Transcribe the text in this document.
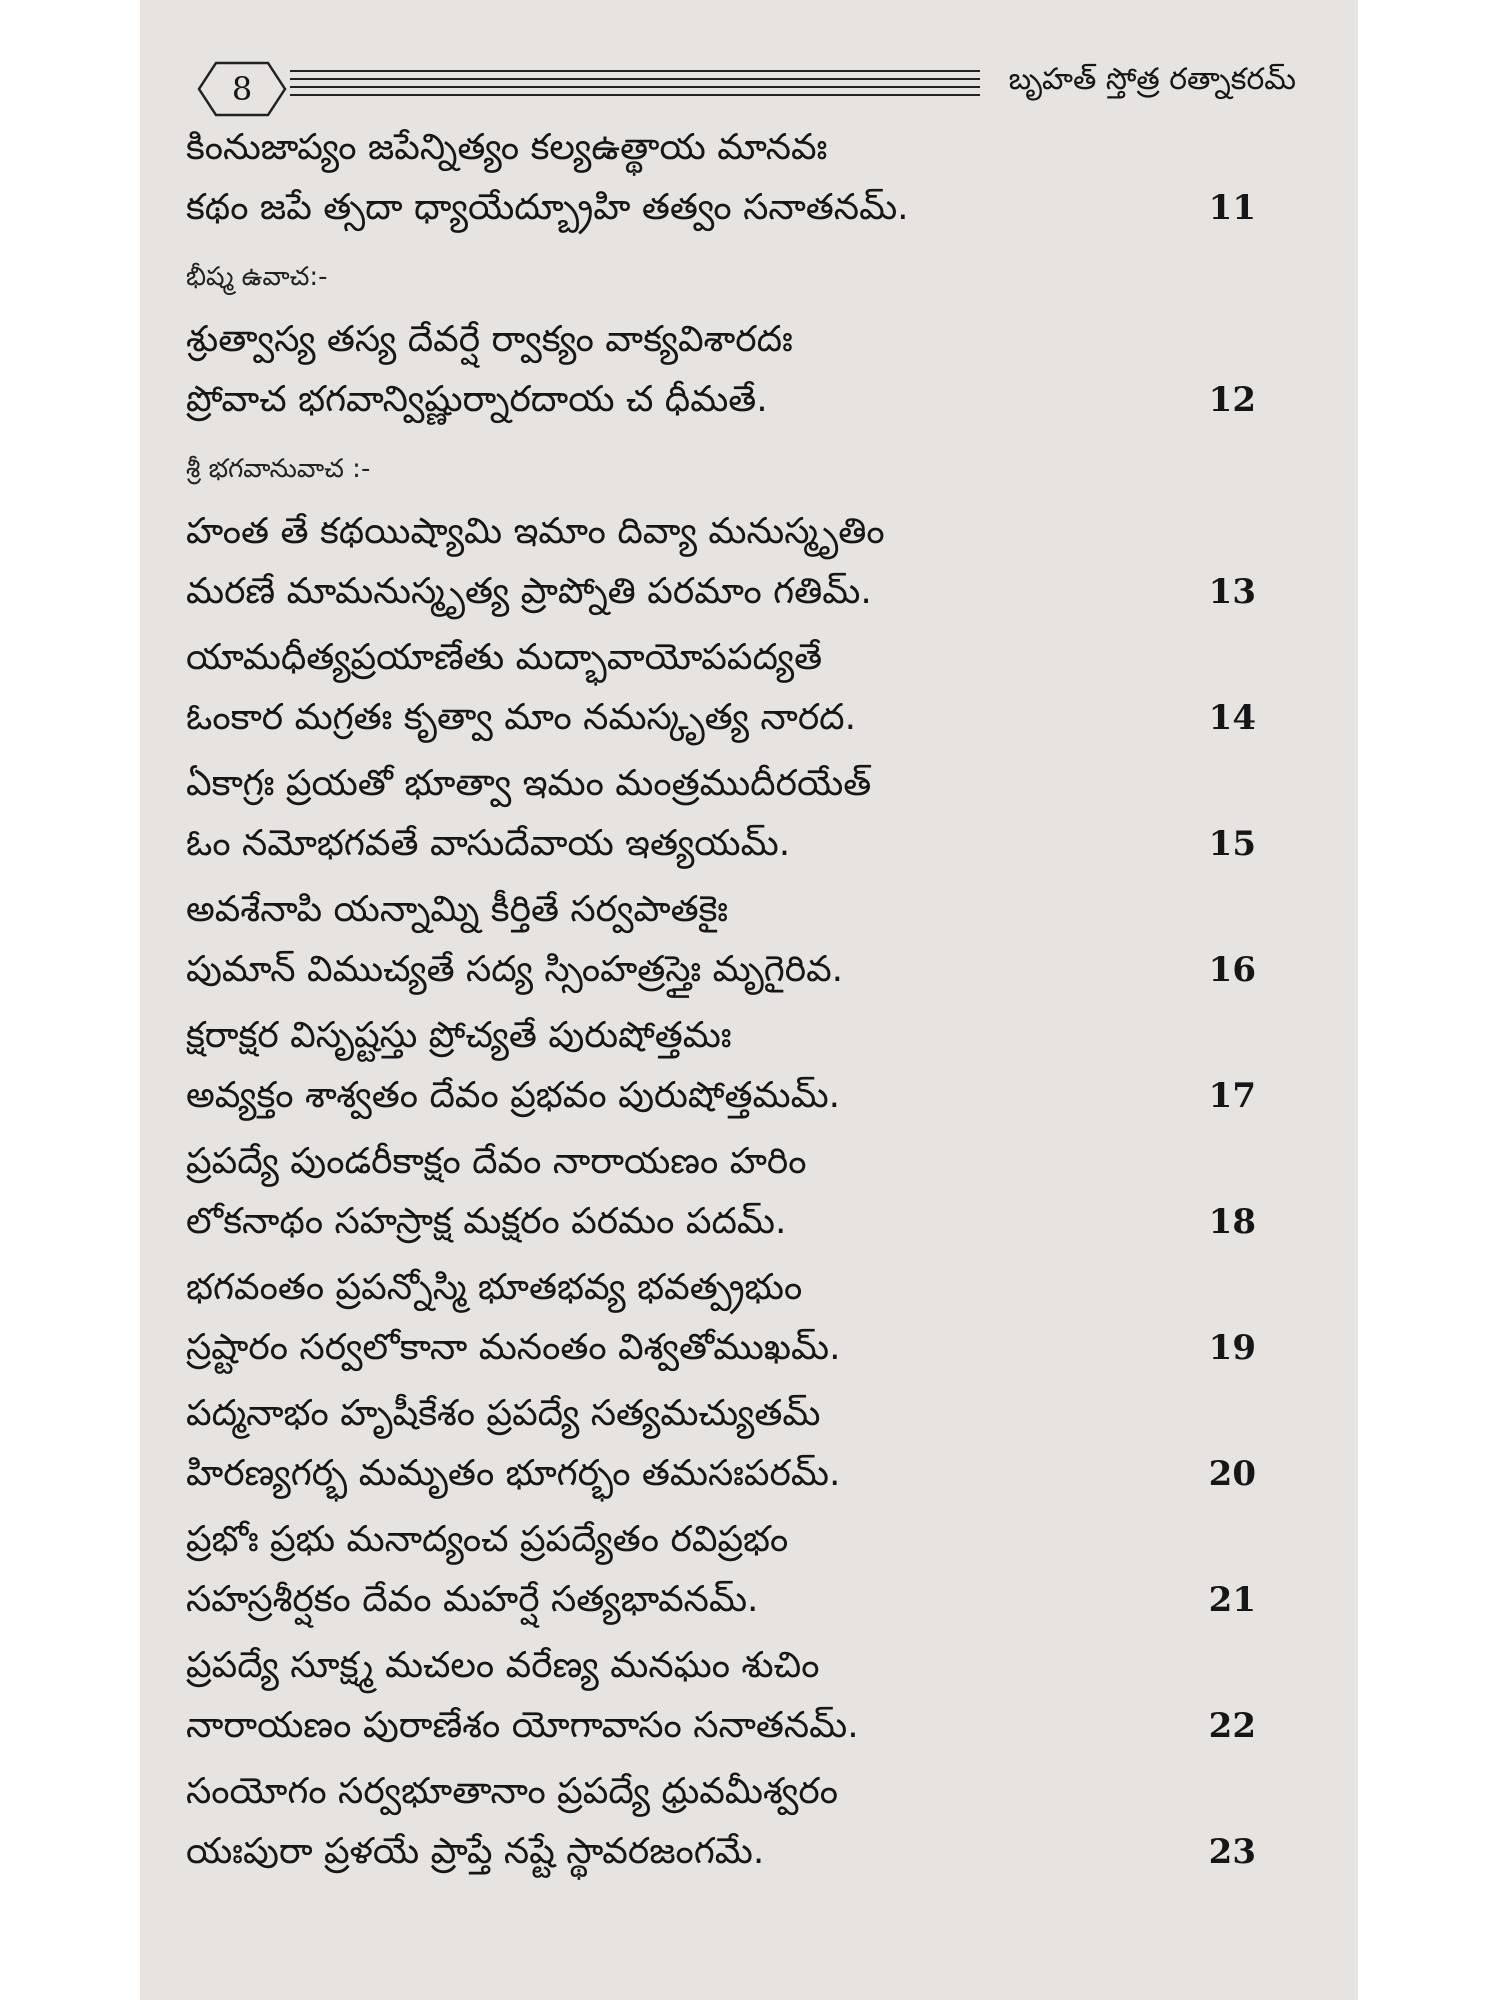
8	బృహత్ స్తోత్ర రత్నాకరమ్
కింనుజాప్యం జపేన్నిత్యం కల్యఉత్థాయ మానవః
కథం జపే త్సదా ధ్యాయేద్బ్రూహి తత్వం సనాతనమ్.	11
భీష్మ ఉవాచ:-
శ్రుత్వాస్య తస్య దేవర్షే ర్వాక్యం వాక్యవిశారదః
ప్రోవాచ భగవాన్విష్ణుర్నారదాయ చ ధీమతే.	12
శ్రీ భగవానువాచ :-
హంత తే కథయిష్యామి ఇమాం దివ్యా మనుస్మృతిం
మరణే మామనుస్మృత్య ప్రాప్నోతి పరమాం గతిమ్.	13
యామధీత్యప్రయాణేతు మద్భావాయోపపద్యతే
ఓంకార మగ్రతః కృత్వా మాం నమస్కృత్య నారద.	14
ఏకాగ్రః ప్రయతో భూత్వా ఇమం మంత్రముదీరయేత్
ఓం నమోభగవతే వాసుదేవాయ ఇత్యయమ్.	15
అవశేనాపి యన్నామ్ని కీర్తితే సర్వపాతకైః
పుమాన్ విముచ్యతే సద్య స్సింహత్రస్తైః మృగైరివ.	16
క్షరాక్షర విసృష్టస్తు ప్రోచ్యతే పురుషోత్తమః
అవ్యక్తం శాశ్వతం దేవం ప్రభవం పురుషోత్తమమ్.	17
ప్రపద్యే పుండరీకాక్షం దేవం నారాయణం హరిం
లోకనాథం సహస్రాక్ష మక్షరం పరమం పదమ్.	18
భగవంతం ప్రపన్నోస్మి భూతభవ్య భవత్ప్రభుం
స్రష్టారం సర్వలోకానా మనంతం విశ్వతోముఖమ్.	19
పద్మనాభం హృషీకేశం ప్రపద్యే సత్యమచ్యుతమ్
హిరణ్యగర్భ మమృతం భూగర్భం తమసఃపరమ్.	20
ప్రభోః ప్రభు మనాద్యంచ ప్రపద్యేతం రవిప్రభం
సహస్రశీర్షకం దేవం మహర్షే సత్యభావనమ్.	21
ప్రపద్యే సూక్ష్మ మచలం వరేణ్య మనఘం శుచిం
నారాయణం పురాణేశం యోగావాసం సనాతనమ్.	22
సంయోగం సర్వభూతానాం ప్రపద్యే ధ్రువమీశ్వరం
యఃపురా ప్రళయే ప్రాప్తే నష్టే స్థావరజంగమే.	23
